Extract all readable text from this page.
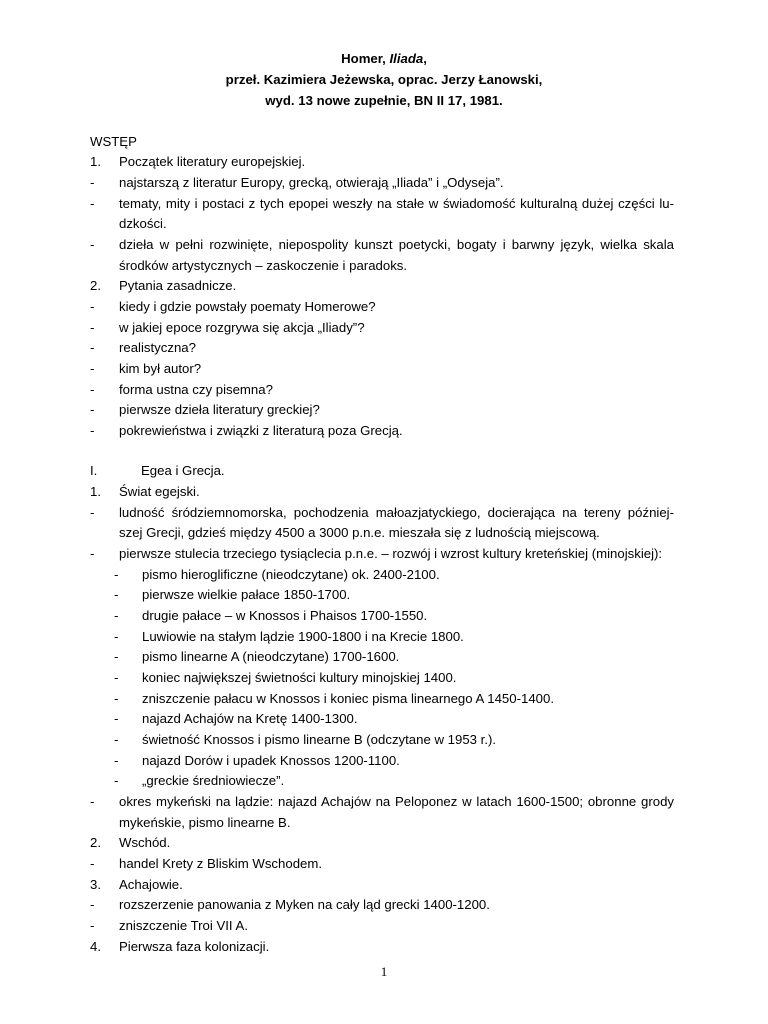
Homer, Iliada,
przeł. Kazimiera Jeżewska, oprac. Jerzy Łanowski,
wyd. 13 nowe zupełnie, BN II 17, 1981.
WSTĘP
1. Początek literatury europejskiej.
- najstarszą z literatur Europy, grecką, otwierają „Iliada” i „Odyseja”.
- tematy, mity i postaci z tych epopei weszły na stałe w świadomość kulturalną dużej części lu-
dzkości.
- dzieła w pełni rozwinięte, niepospolity kunszt poetycki, bogaty i barwny język, wielka skala
środków artystycznych – zaskoczenie i paradoks.
2. Pytania zasadnicze.
- kiedy i gdzie powstały poematy Homerowe?
- w jakiej epoce rozgrywa się akcja „Iliady”?
- realistyczna?
- kim był autor?
- forma ustna czy pisemna?
- pierwsze dzieła literatury greckiej?
- pokrewieństwa i związki z literaturą poza Grecją.
I.	Egea i Grecja.
1. Świat egejski.
- ludność śródziemnomorska, pochodzenia małoazjatyckiego, docierająca na tereny później-
szej Grecji, gdzieś między 4500 a 3000 p.n.e. mieszała się z ludnością miejscową.
- pierwsze stulecia trzeciego tysiąclecia p.n.e. – rozwój i wzrost kultury kreteńskiej (minojskiej):
- pismo hieroglificzne (nieodczytane) ok. 2400-2100.
- pierwsze wielkie pałace 1850-1700.
- drugie pałace – w Knossos i Phaisos 1700-1550.
- Luwiowie na stałym lądzie 1900-1800 i na Krecie 1800.
- pismo linearne A (nieodczytane) 1700-1600.
- koniec największej świetności kultury minojskiej 1400.
- zniszczenie pałacu w Knossos i koniec pisma linearnego A 1450-1400.
- najazd Achajów na Kretę 1400-1300.
- świetność Knossos i pismo linearne B (odczytane w 1953 r.).
- najazd Dorów i upadek Knossos 1200-1100.
- „greckie średniowiecze”.
- okres mykeński na lądzie: najazd Achajów na Peloponez w latach 1600-1500; obronne grody
mykeńskie, pismo linearne B.
2. Wschód.
- handel Krety z Bliskim Wschodem.
3. Achajowie.
- rozszerzenie panowania z Myken na cały ląd grecki 1400-1200.
- zniszczenie Troi VII A.
4. Pierwsza faza kolonizacji.
1
